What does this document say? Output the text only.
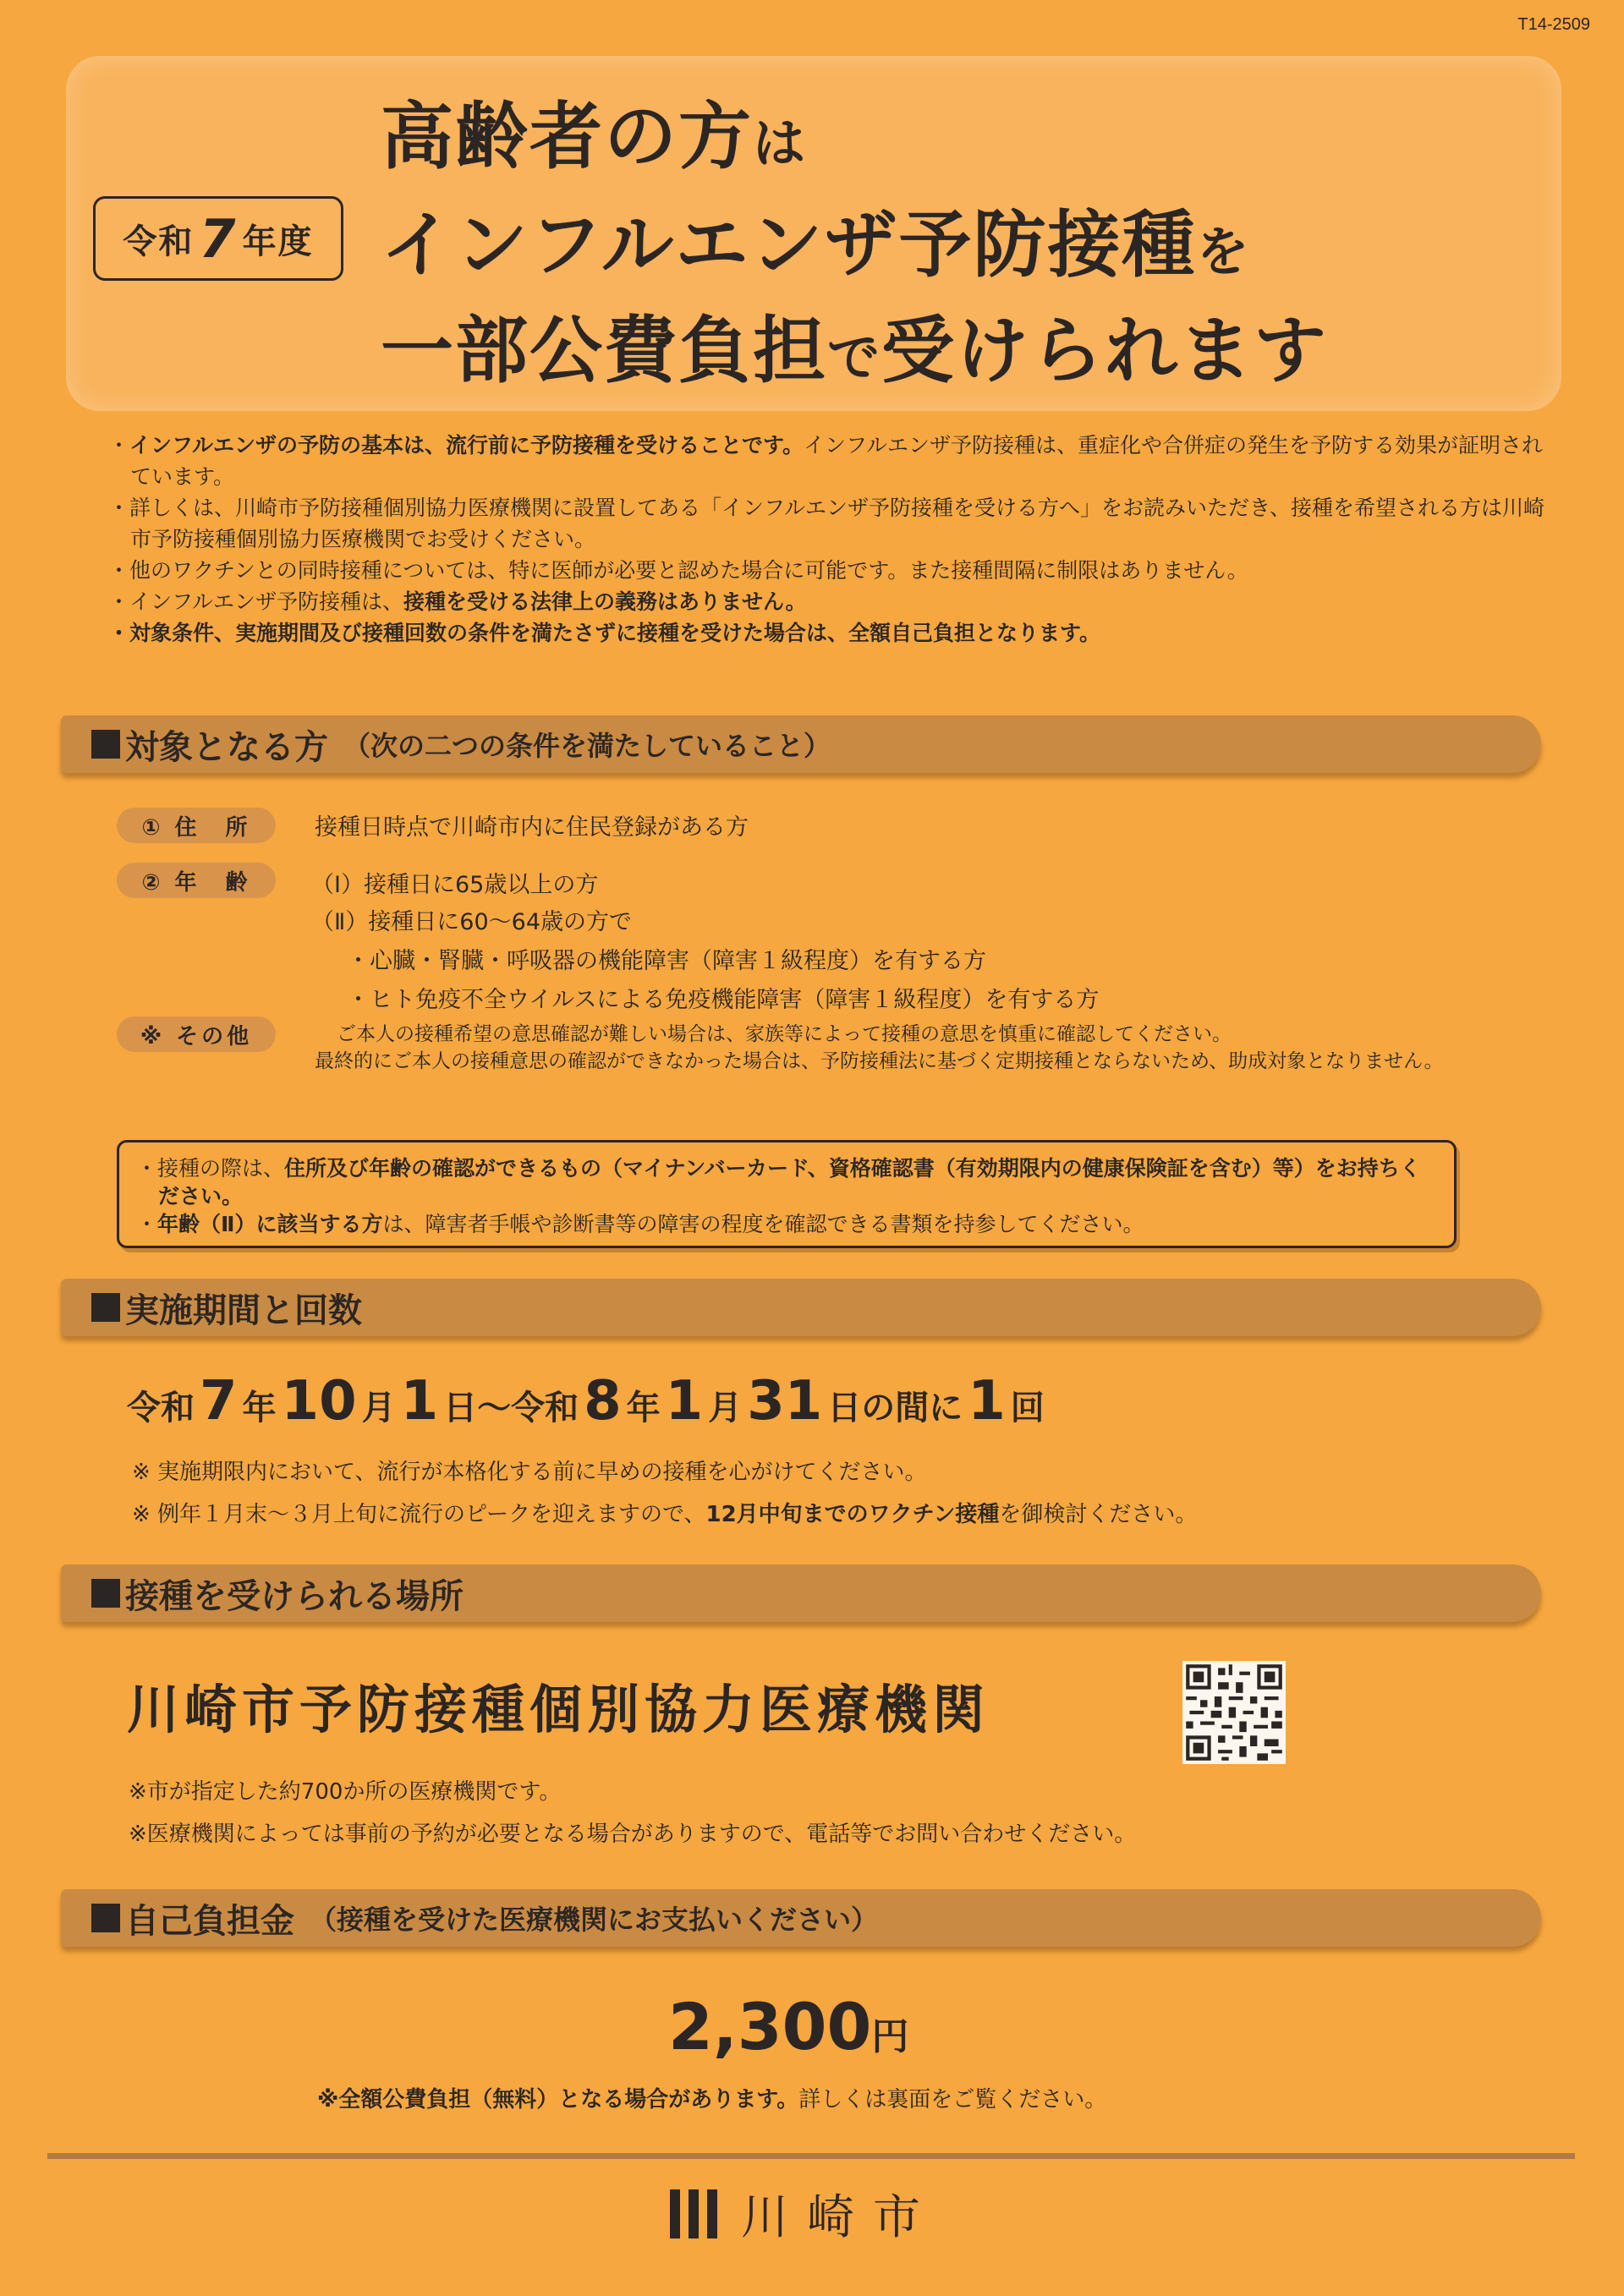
T14-2509
令和 7 年度
高齢者の方は
インフルエンザ予防接種を
一部公費負担で受けられます

・ インフルエンザの予防の基本は、流行前に予防接種を受けることです。インフルエンザ予防接種は、重症化や合併症の発生を予防する効果が証明されています。

・ 詳しくは、川崎市予防接種個別協力医療機関に設置してある「インフルエンザ予防接種を受ける方へ」をお読みいただき、接種を希望される方は川崎市予防接種個別協力医療機関でお受けください。

・ 他のワクチンとの同時接種については、特に医師が必要と認めた場合に可能です。また接種間隔に制限はありません。

・ インフルエンザ予防接種は、接種を受ける法律上の義務はありません。

・ 対象条件、実施期間及び接種回数の条件を満たさずに接種を受けた場合は、全額自己負担となります。

対象となる方 （次の二つの条件を満たしていること）
① 住　所	接種日時点で川崎市内に住民登録がある方
② 年　齢	（Ⅰ）接種日に65歳以上の方
（Ⅱ）接種日に60〜64歳の方で
・心臓・腎臓・呼吸器の機能障害（障害１級程度）を有する方
・ヒト免疫不全ウイルスによる免疫機能障害（障害１級程度）を有する方
※ その他	ご本人の接種希望の意思確認が難しい場合は、家族等によって接種の意思を慎重に確認してください。
最終的にご本人の接種意思の確認ができなかった場合は、予防接種法に基づく定期接種とならないため、助成対象となりません。

・ 接種の際は、住所及び年齢の確認ができるもの（マイナンバーカード、資格確認書（有効期限内の健康保険証を含む）等）をお持ちください。

・ 年齢（Ⅱ）に該当する方は、障害者手帳や診断書等の障害の程度を確認できる書類を持参してください。

実施期間と回数
令和7 年10 月1 日〜令和8 年1 月31 日の間に1 回
※ 実施期限内において、流行が本格化する前に早めの接種を心がけてください。
※ 例年１月末〜３月上旬に流行のピークを迎えますので、12月中旬までのワクチン接種を御検討ください。
接種を受けられる場所
川崎市予防接種個別協力医療機関
※市が指定した約700か所の医療機関です。
※医療機関によっては事前の予約が必要となる場合がありますので、電話等でお問い合わせください。
自己負担金 （接種を受けた医療機関にお支払いください）
2,300円
※全額公費負担（無料）となる場合があります。詳しくは裏面をご覧ください。
川崎市
